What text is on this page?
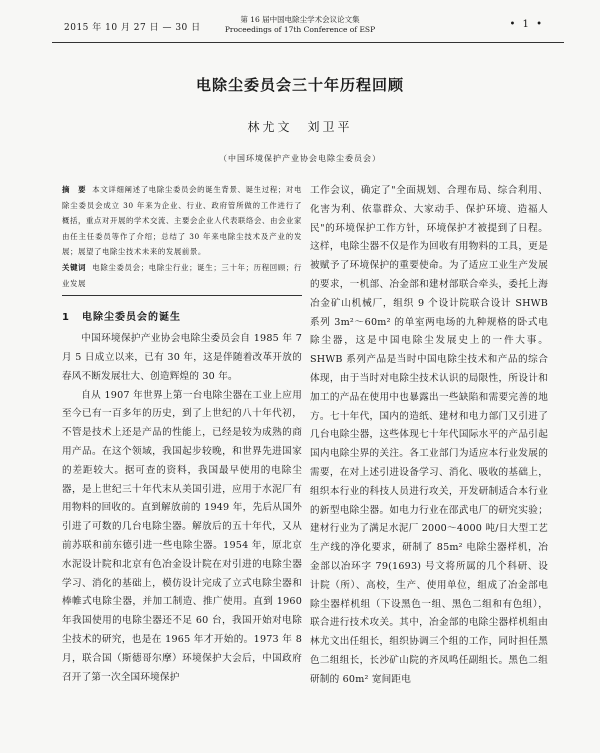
2015 年 10 月 27 日 — 30 日
第 16 届中国电除尘学术会议论文集
Proceedings of 17th Conference of ESP	• 1 •
电除尘委员会三十年历程回顾
林尤文　刘卫平
（中国环境保护产业协会电除尘委员会）
摘　要 本文详细阐述了电除尘委员会的诞生背景、诞生过程；对电除尘委员会成立 30 年来为企业、行业、政府管所做的工作进行了概括，重点对开展的学术交流、主要会企业人代表联络会、由会业家由任主任委员等作了介绍；总结了 30 年来电除尘技术及产业的发展；展望了电除尘技术未来的发展前景。
关键词 电除尘委员会；电除尘行业；诞生；三十年；历程回顾；行业发展
1 电除尘委员会的诞生

中国环境保护产业协会电除尘委员会自 1985 年 7 月 5 日成立以来，已有 30 年，这是伴随着改革开放的春风不断发展壮大、创造辉煌的 30 年。

自从 1907 年世界上第一台电除尘器在工业上应用至今已有一百多年的历史，到了上世纪的八十年代初，不管是技术上还是产品的性能上，已经是较为成熟的商用产品。在这个领域，我国起步较晚，和世界先进国家的差距较大。据可查的资料，我国最早使用的电除尘器，是上世纪三十年代末从美国引进，应用于水泥厂有用物料的回收的。直到解放前的 1949 年，先后从国外引进了可数的几台电除尘器。解放后的五十年代，又从前苏联和前东德引进一些电除尘器。1954 年，原北京水泥设计院和北京有色冶金设计院在对引进的电除尘器学习、消化的基础上，模仿设计完成了立式电除尘器和棒帷式电除尘器，并加工制造、推广使用。直到 1960 年我国使用的电除尘器还不足 60 台，我国开始对电除尘技术的研究，也是在 1965 年才开始的。1973 年 8 月，联合国（斯德哥尔摩）环境保护大会后，中国政府召开了第一次全国环境保护

工作会议，确定了"全面规划、合理布局、综合利用、化害为利、依靠群众、大家动手、保护环境、造福人民"的环境保护工作方针，环境保护才被提到了日程。这样，电除尘器不仅是作为回收有用物料的工具，更是被赋予了环境保护的重要使命。为了适应工业生产发展的要求，一机部、冶金部和建材部联合牵头，委托上海冶金矿山机械厂，组织 9 个设计院联合设计 SHWB 系列 3m²～60m² 的单室两电场的九种规格的卧式电除尘器，这是中国电除尘发展史上的一件大事。SHWB 系列产品是当时中国电除尘技术和产品的综合体现，由于当时对电除尘技术认识的局限性，所设计和加工的产品在使用中也暴露出一些缺陷和需要完善的地方。七十年代，国内的造纸、建材和电力部门又引进了几台电除尘器，这些体现七十年代国际水平的产品引起国内电除尘界的关注。各工业部门为适应本行业发展的需要，在对上述引进设备学习、消化、吸收的基础上，组织本行业的科技人员进行攻关，开发研制适合本行业的新型电除尘器。如电力行业在邵武电厂的研究实验；建材行业为了满足水泥厂 2000～4000 吨/日大型工艺生产线的净化要求，研制了 85m² 电除尘器样机，冶金部以冶环字 79(1693) 号文将所属的几个科研、设计院（所）、高校，生产、使用单位，组成了冶金部电除尘器样机组（下设黑色一组、黑色二组和有色组），联合进行技术攻关。其中，冶金部的电除尘器样机组由林尤文出任组长，组织协调三个组的工作，同时担任黑色二组组长，长沙矿山院的齐凤鸣任副组长。黑色二组研制的 60m² 宽间距电
